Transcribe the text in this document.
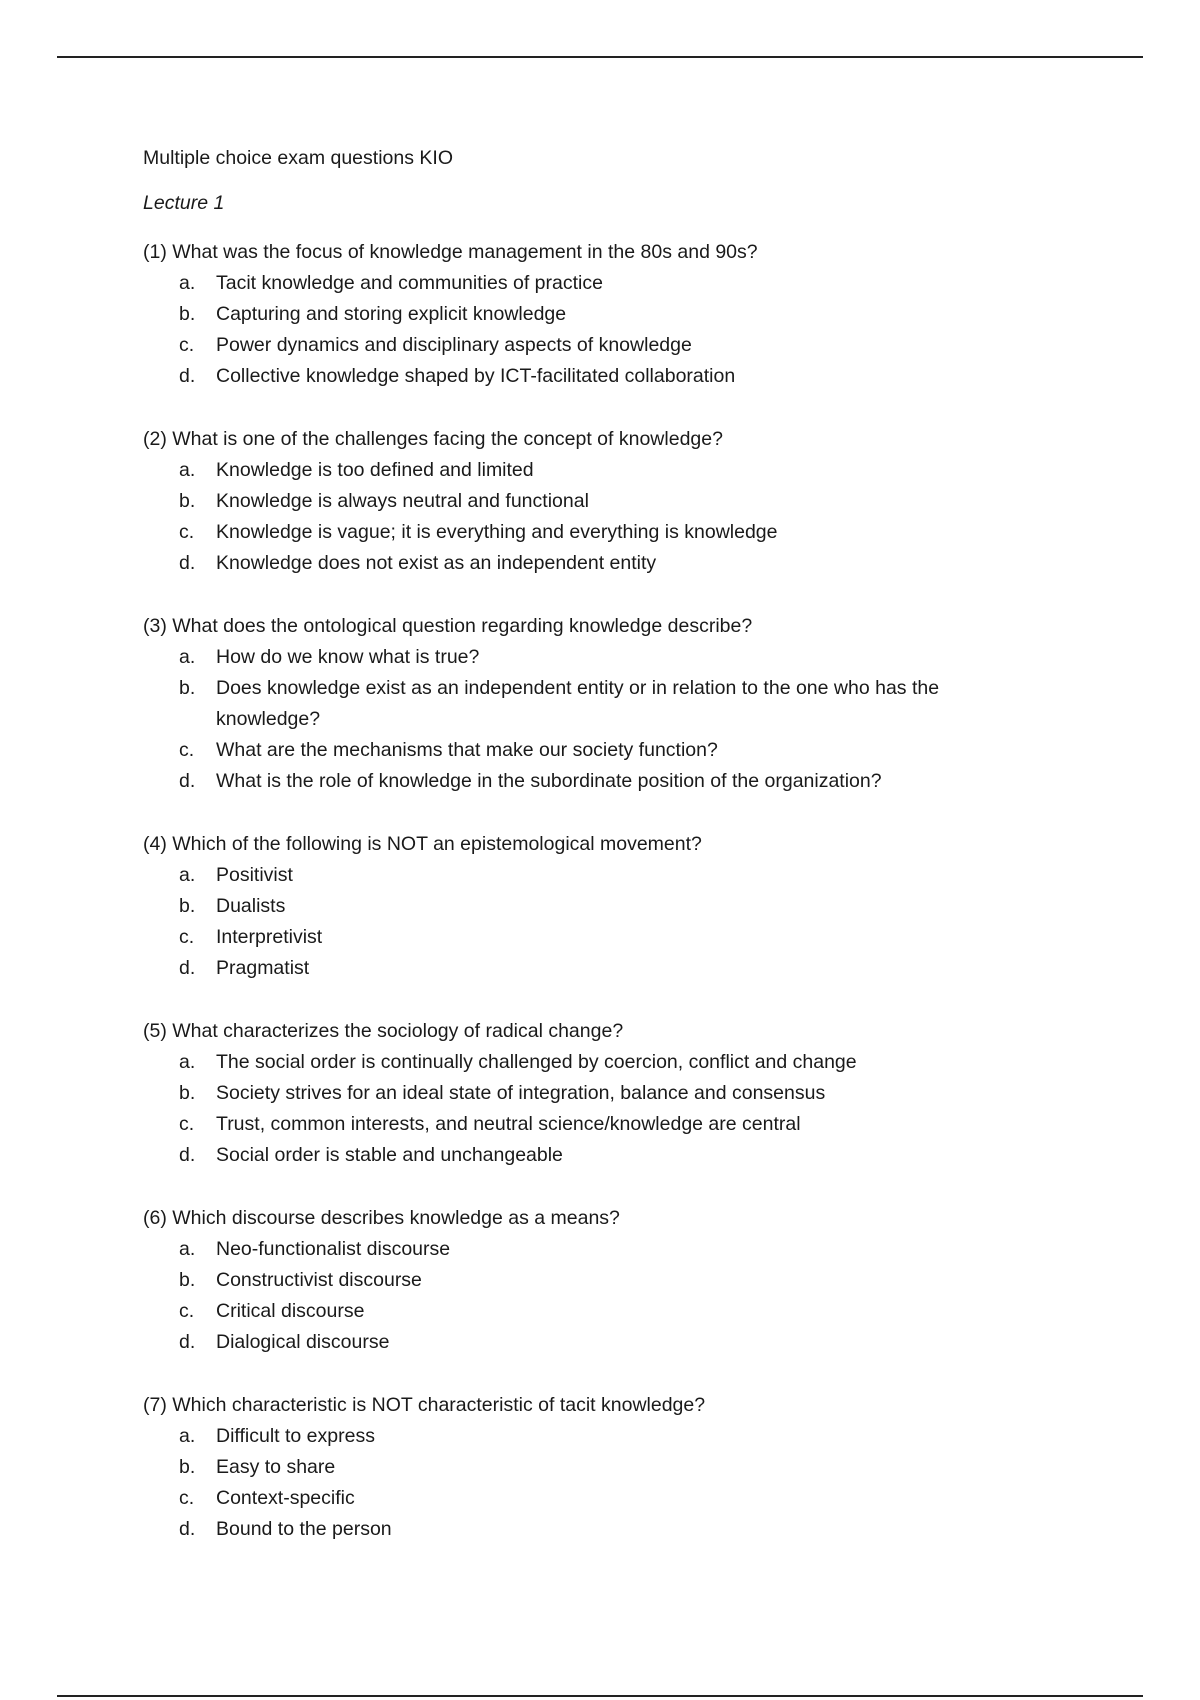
Multiple choice exam questions KIO

Lecture 1

(1) What was the focus of knowledge management in the 80s and 90s?

a.	Tacit knowledge and communities of practice
b.	Capturing and storing explicit knowledge
c.	Power dynamics and disciplinary aspects of knowledge
d.	Collective knowledge shaped by ICT-facilitated collaboration

(2) What is one of the challenges facing the concept of knowledge?

a.	Knowledge is too defined and limited
b.	Knowledge is always neutral and functional
c.	Knowledge is vague; it is everything and everything is knowledge
d.	Knowledge does not exist as an independent entity

(3) What does the ontological question regarding knowledge describe?

a.	How do we know what is true?
b.	Does knowledge exist as an independent entity or in relation to the one who has the knowledge?
c.	What are the mechanisms that make our society function?
d.	What is the role of knowledge in the subordinate position of the organization?

(4) Which of the following is NOT an epistemological movement?

a.	Positivist
b.	Dualists
c.	Interpretivist
d.	Pragmatist

(5) What characterizes the sociology of radical change?

a.	The social order is continually challenged by coercion, conflict and change
b.	Society strives for an ideal state of integration, balance and consensus
c.	Trust, common interests, and neutral science/knowledge are central
d.	Social order is stable and unchangeable

(6) Which discourse describes knowledge as a means?

a.	Neo-functionalist discourse
b.	Constructivist discourse
c.	Critical discourse
d.	Dialogical discourse

(7) Which characteristic is NOT characteristic of tacit knowledge?

a.	Difficult to express
b.	Easy to share
c.	Context-specific
d.	Bound to the person
